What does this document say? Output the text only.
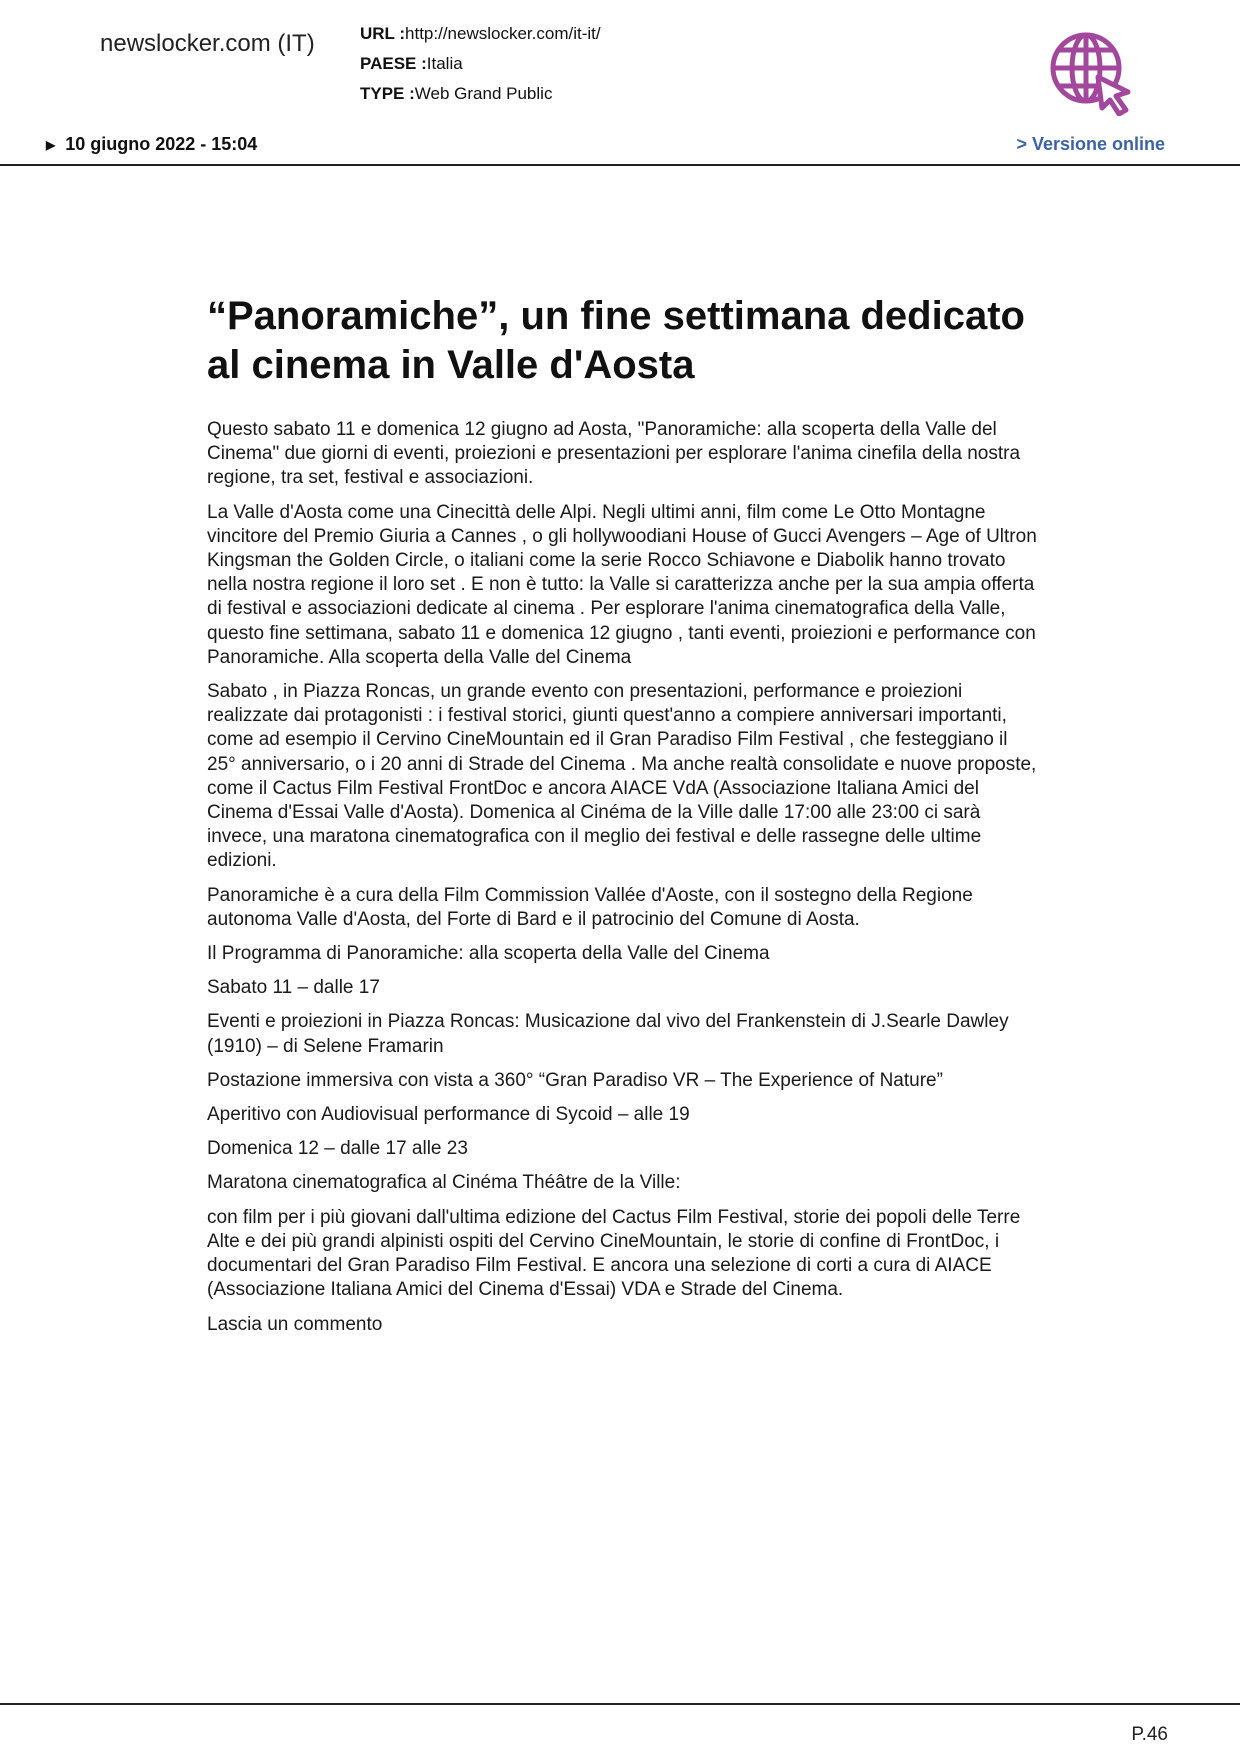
newslocker.com (IT)	URL :http://newslocker.com/it-it/
PAESE :Italia
TYPE :Web Grand Public
▶ 10 giugno 2022 - 15:04	> Versione online
“Panoramiche”, un fine settimana dedicato al cinema in Valle d'Aosta

Questo sabato 11 e domenica 12 giugno ad Aosta, "Panoramiche: alla scoperta della Valle del Cinema" due giorni di eventi, proiezioni e presentazioni per esplorare l'anima cinefila della nostra regione, tra set, festival e associazioni.

La Valle d'Aosta come una Cinecittà delle Alpi. Negli ultimi anni, film come Le Otto Montagne vincitore del Premio Giuria a Cannes , o gli hollywoodiani House of Gucci Avengers – Age of Ultron Kingsman the Golden Circle, o italiani come la serie Rocco Schiavone e Diabolik hanno trovato nella nostra regione il loro set . E non è tutto: la Valle si caratterizza anche per la sua ampia offerta di festival e associazioni dedicate al cinema . Per esplorare l'anima cinematografica della Valle, questo fine settimana, sabato 11 e domenica 12 giugno , tanti eventi, proiezioni e performance con Panoramiche. Alla scoperta della Valle del Cinema

Sabato , in Piazza Roncas, un grande evento con presentazioni, performance e proiezioni realizzate dai protagonisti : i festival storici, giunti quest'anno a compiere anniversari importanti, come ad esempio il Cervino CineMountain ed il Gran Paradiso Film Festival , che festeggiano il 25° anniversario, o i 20 anni di Strade del Cinema . Ma anche realtà consolidate e nuove proposte, come il Cactus Film Festival FrontDoc e ancora AIACE VdA (Associazione Italiana Amici del Cinema d'Essai Valle d'Aosta). Domenica al Cinéma de la Ville dalle 17:00 alle 23:00 ci sarà invece, una maratona cinematografica con il meglio dei festival e delle rassegne delle ultime edizioni.

Panoramiche è a cura della Film Commission Vallée d'Aoste, con il sostegno della Regione autonoma Valle d'Aosta, del Forte di Bard e il patrocinio del Comune di Aosta.

Il Programma di Panoramiche: alla scoperta della Valle del Cinema

Sabato 11 – dalle 17

Eventi e proiezioni in Piazza Roncas: Musicazione dal vivo del Frankenstein di J.Searle Dawley (1910) – di Selene Framarin

Postazione immersiva con vista a 360° “Gran Paradiso VR – The Experience of Nature”

Aperitivo con Audiovisual performance di Sycoid – alle 19

Domenica 12 – dalle 17 alle 23

Maratona cinematografica al Cinéma Théâtre de la Ville:

con film per i più giovani dall'ultima edizione del Cactus Film Festival, storie dei popoli delle Terre Alte e dei più grandi alpinisti ospiti del Cervino CineMountain, le storie di confine di FrontDoc, i documentari del Gran Paradiso Film Festival. E ancora una selezione di corti a cura di AIACE (Associazione Italiana Amici del Cinema d'Essai) VDA e Strade del Cinema.

Lascia un commento

P.46
